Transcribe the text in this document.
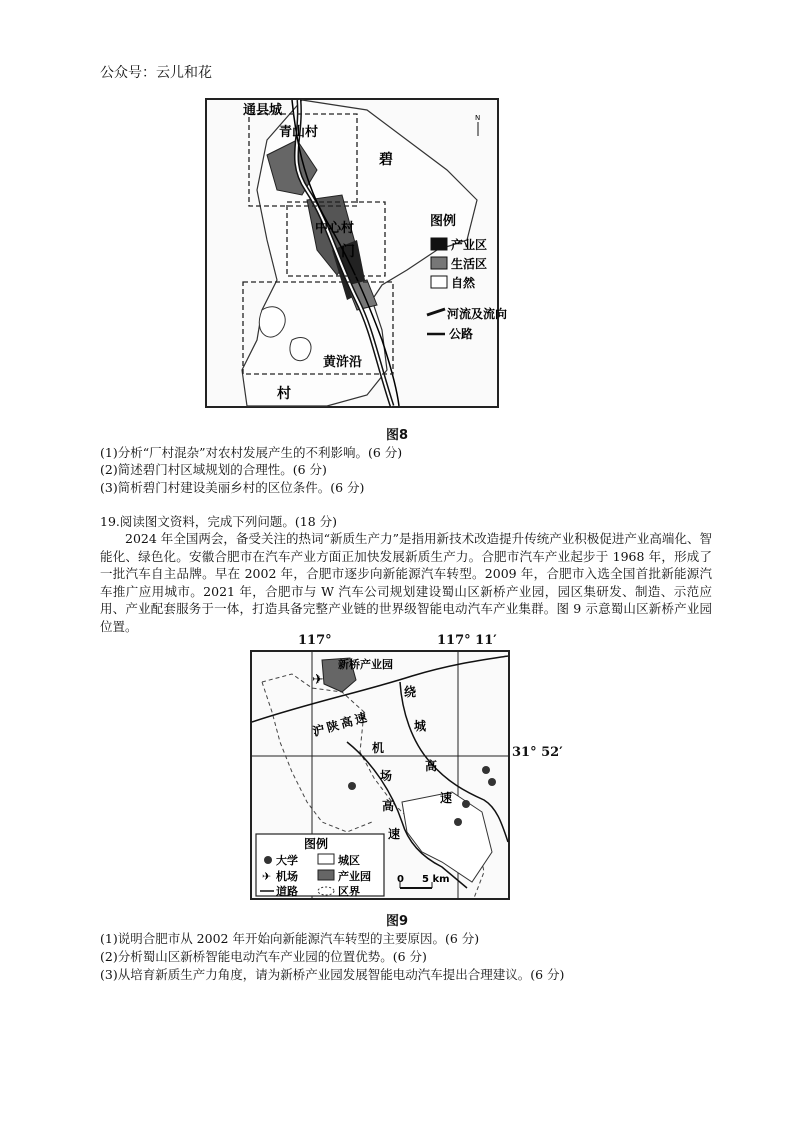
公众号：云儿和花
通县城
青山村
碧
中心村
门
黄浒沿
村
N
图例
产业区
生活区
自然
河流及流向
公路
图8
(1)分析“厂村混杂”对农村发展产生的不利影响。(6 分)
(2)简述碧门村区域规划的合理性。(6 分)
(3)简析碧门村建设美丽乡村的区位条件。(6 分)
19.阅读图文资料，完成下列问题。(18 分)

2024 年全国两会，备受关注的热词“新质生产力”是指用新技术改造提升传统产业积极促进产业高端化、智能化、绿色化。安徽合肥市在汽车产业方面正加快发展新质生产力。合肥市汽车产业起步于 1968 年，形成了一批汽车自主品牌。早在 2002 年，合肥市逐步向新能源汽车转型。2009 年，合肥市入选全国首批新能源汽车推广应用城市。2021 年，合肥市与 W 汽车公司规划建设蜀山区新桥产业园，园区集研发、制造、示范应用、产业配套服务于一体，打造具备完整产业链的世界级智能电动汽车产业集群。图 9 示意蜀山区新桥产业园位置。

117°	117° 11′
31° 52′
✈
新桥产业园
沪
陕
高
速
绕
城
高
速
机
场
高
速
图例
大学	城区
✈ 机场	产业园
道路	区界
0 5 km
图9
(1)说明合肥市从 2002 年开始向新能源汽车转型的主要原因。(6 分)
(2)分析蜀山区新桥智能电动汽车产业园的位置优势。(6 分)
(3)从培育新质生产力角度，请为新桥产业园发展智能电动汽车提出合理建议。(6 分)
